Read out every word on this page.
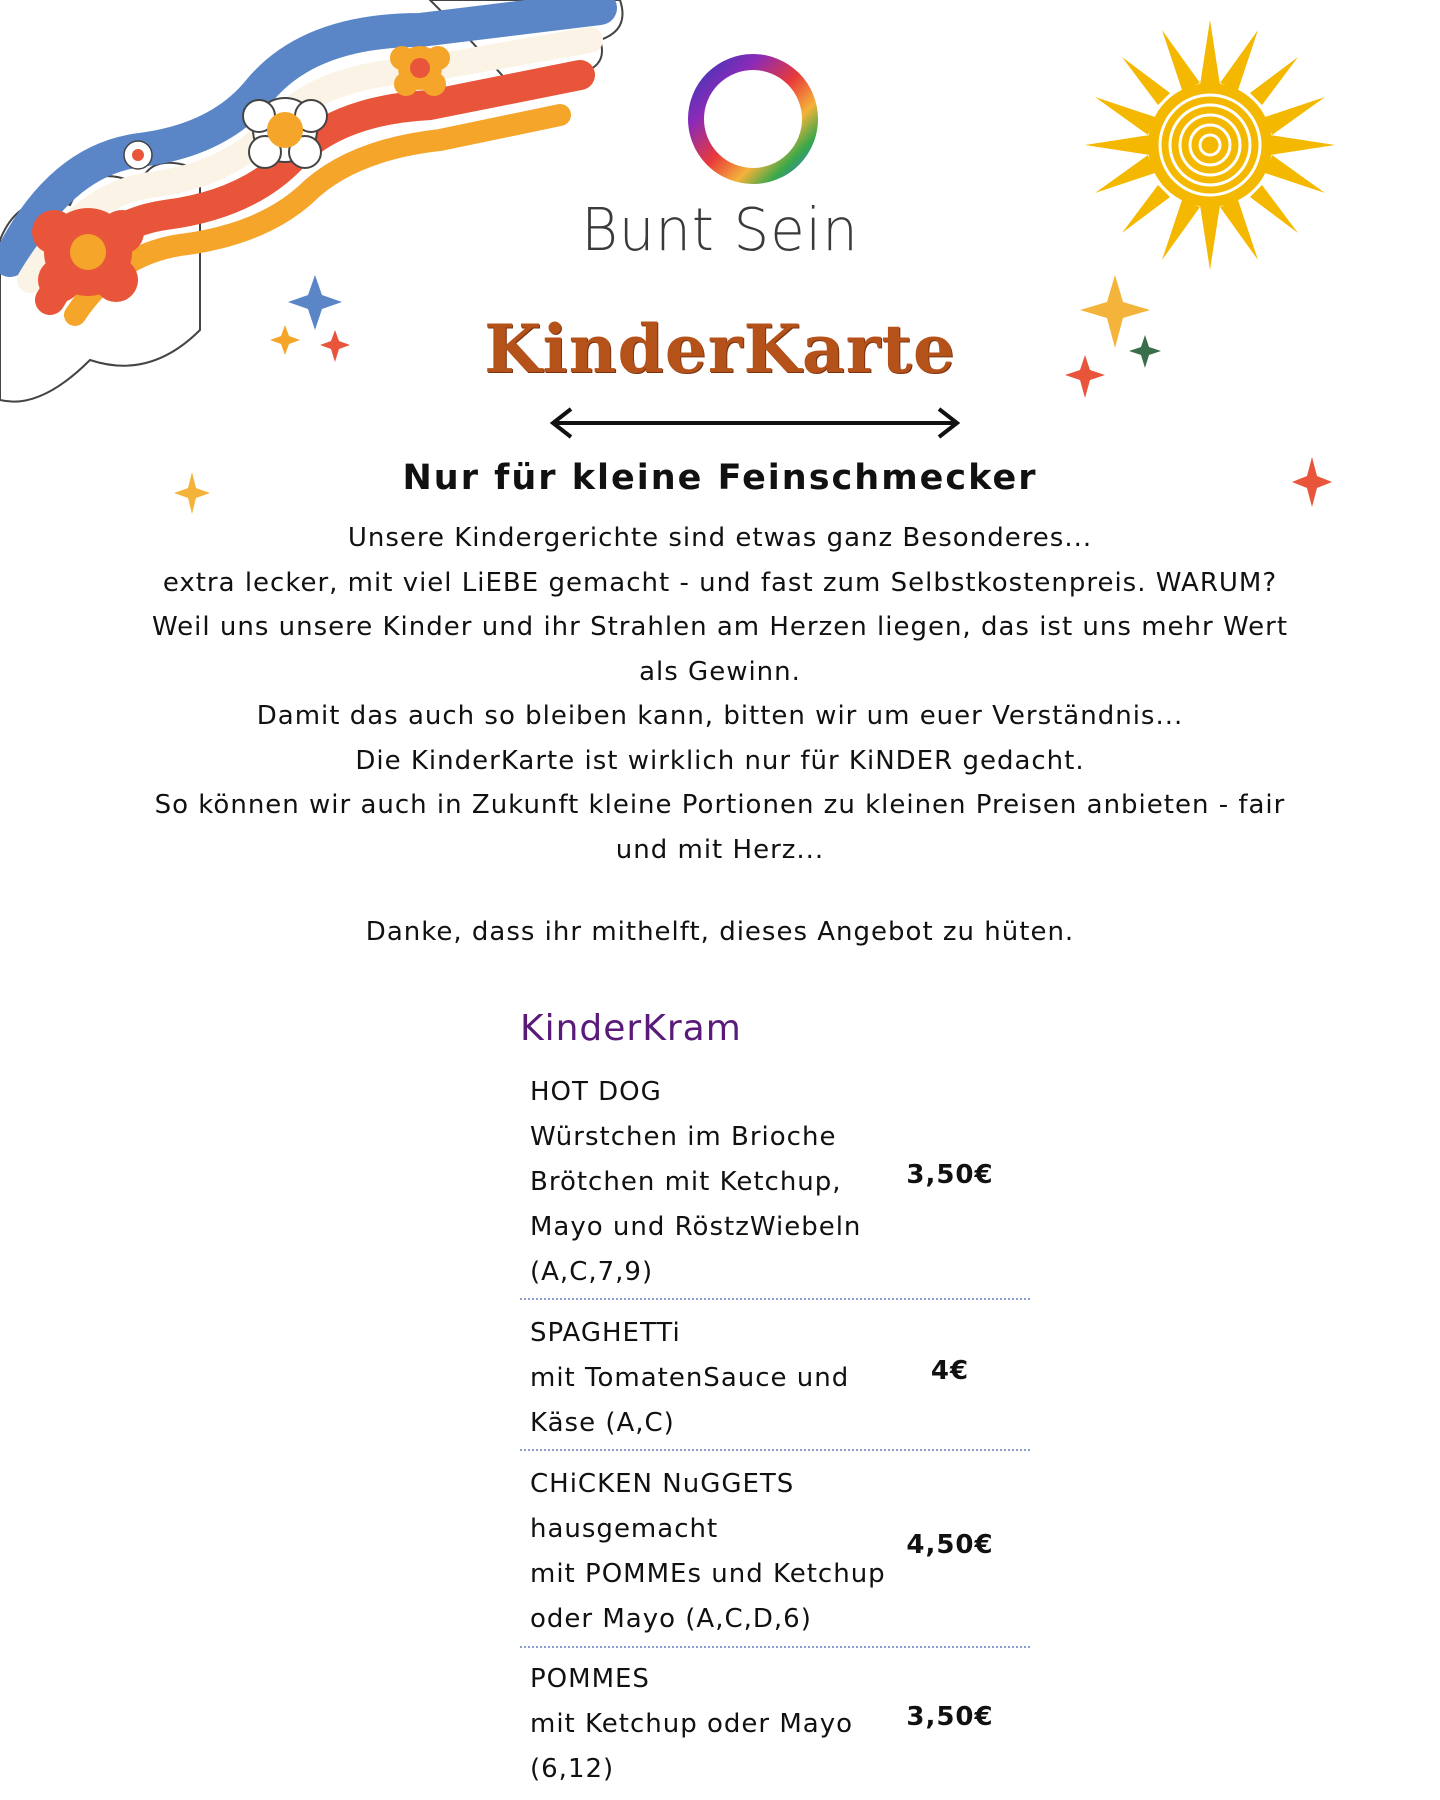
Bunt Sein
KinderKarte
Nur für kleine Feinschmecker

Unsere Kindergerichte sind etwas ganz Besonderes...

extra lecker, mit viel LiEBE gemacht - und fast zum Selbstkostenpreis. WARUM?

Weil uns unsere Kinder und ihr Strahlen am Herzen liegen, das ist uns mehr Wert

als Gewinn.

Damit das auch so bleiben kann, bitten wir um euer Verständnis...

Die KinderKarte ist wirklich nur für KiNDER gedacht.

So können wir auch in Zukunft kleine Portionen zu kleinen Preisen anbieten - fair

und mit Herz...

Danke, dass ihr mithelft, dieses Angebot zu hüten.
KinderKram
HOT DOG
Würstchen im Brioche
Brötchen mit Ketchup,
Mayo und RöstzWiebeln
(A,C,7,9)
3,50€
SPAGHETTi
mit TomatenSauce und
Käse (A,C)
4€
CHiCKEN NuGGETS
hausgemacht
mit POMMEs und Ketchup
oder Mayo (A,C,D,6)
4,50€
POMMES
mit Ketchup oder Mayo
(6,12)
3,50€
